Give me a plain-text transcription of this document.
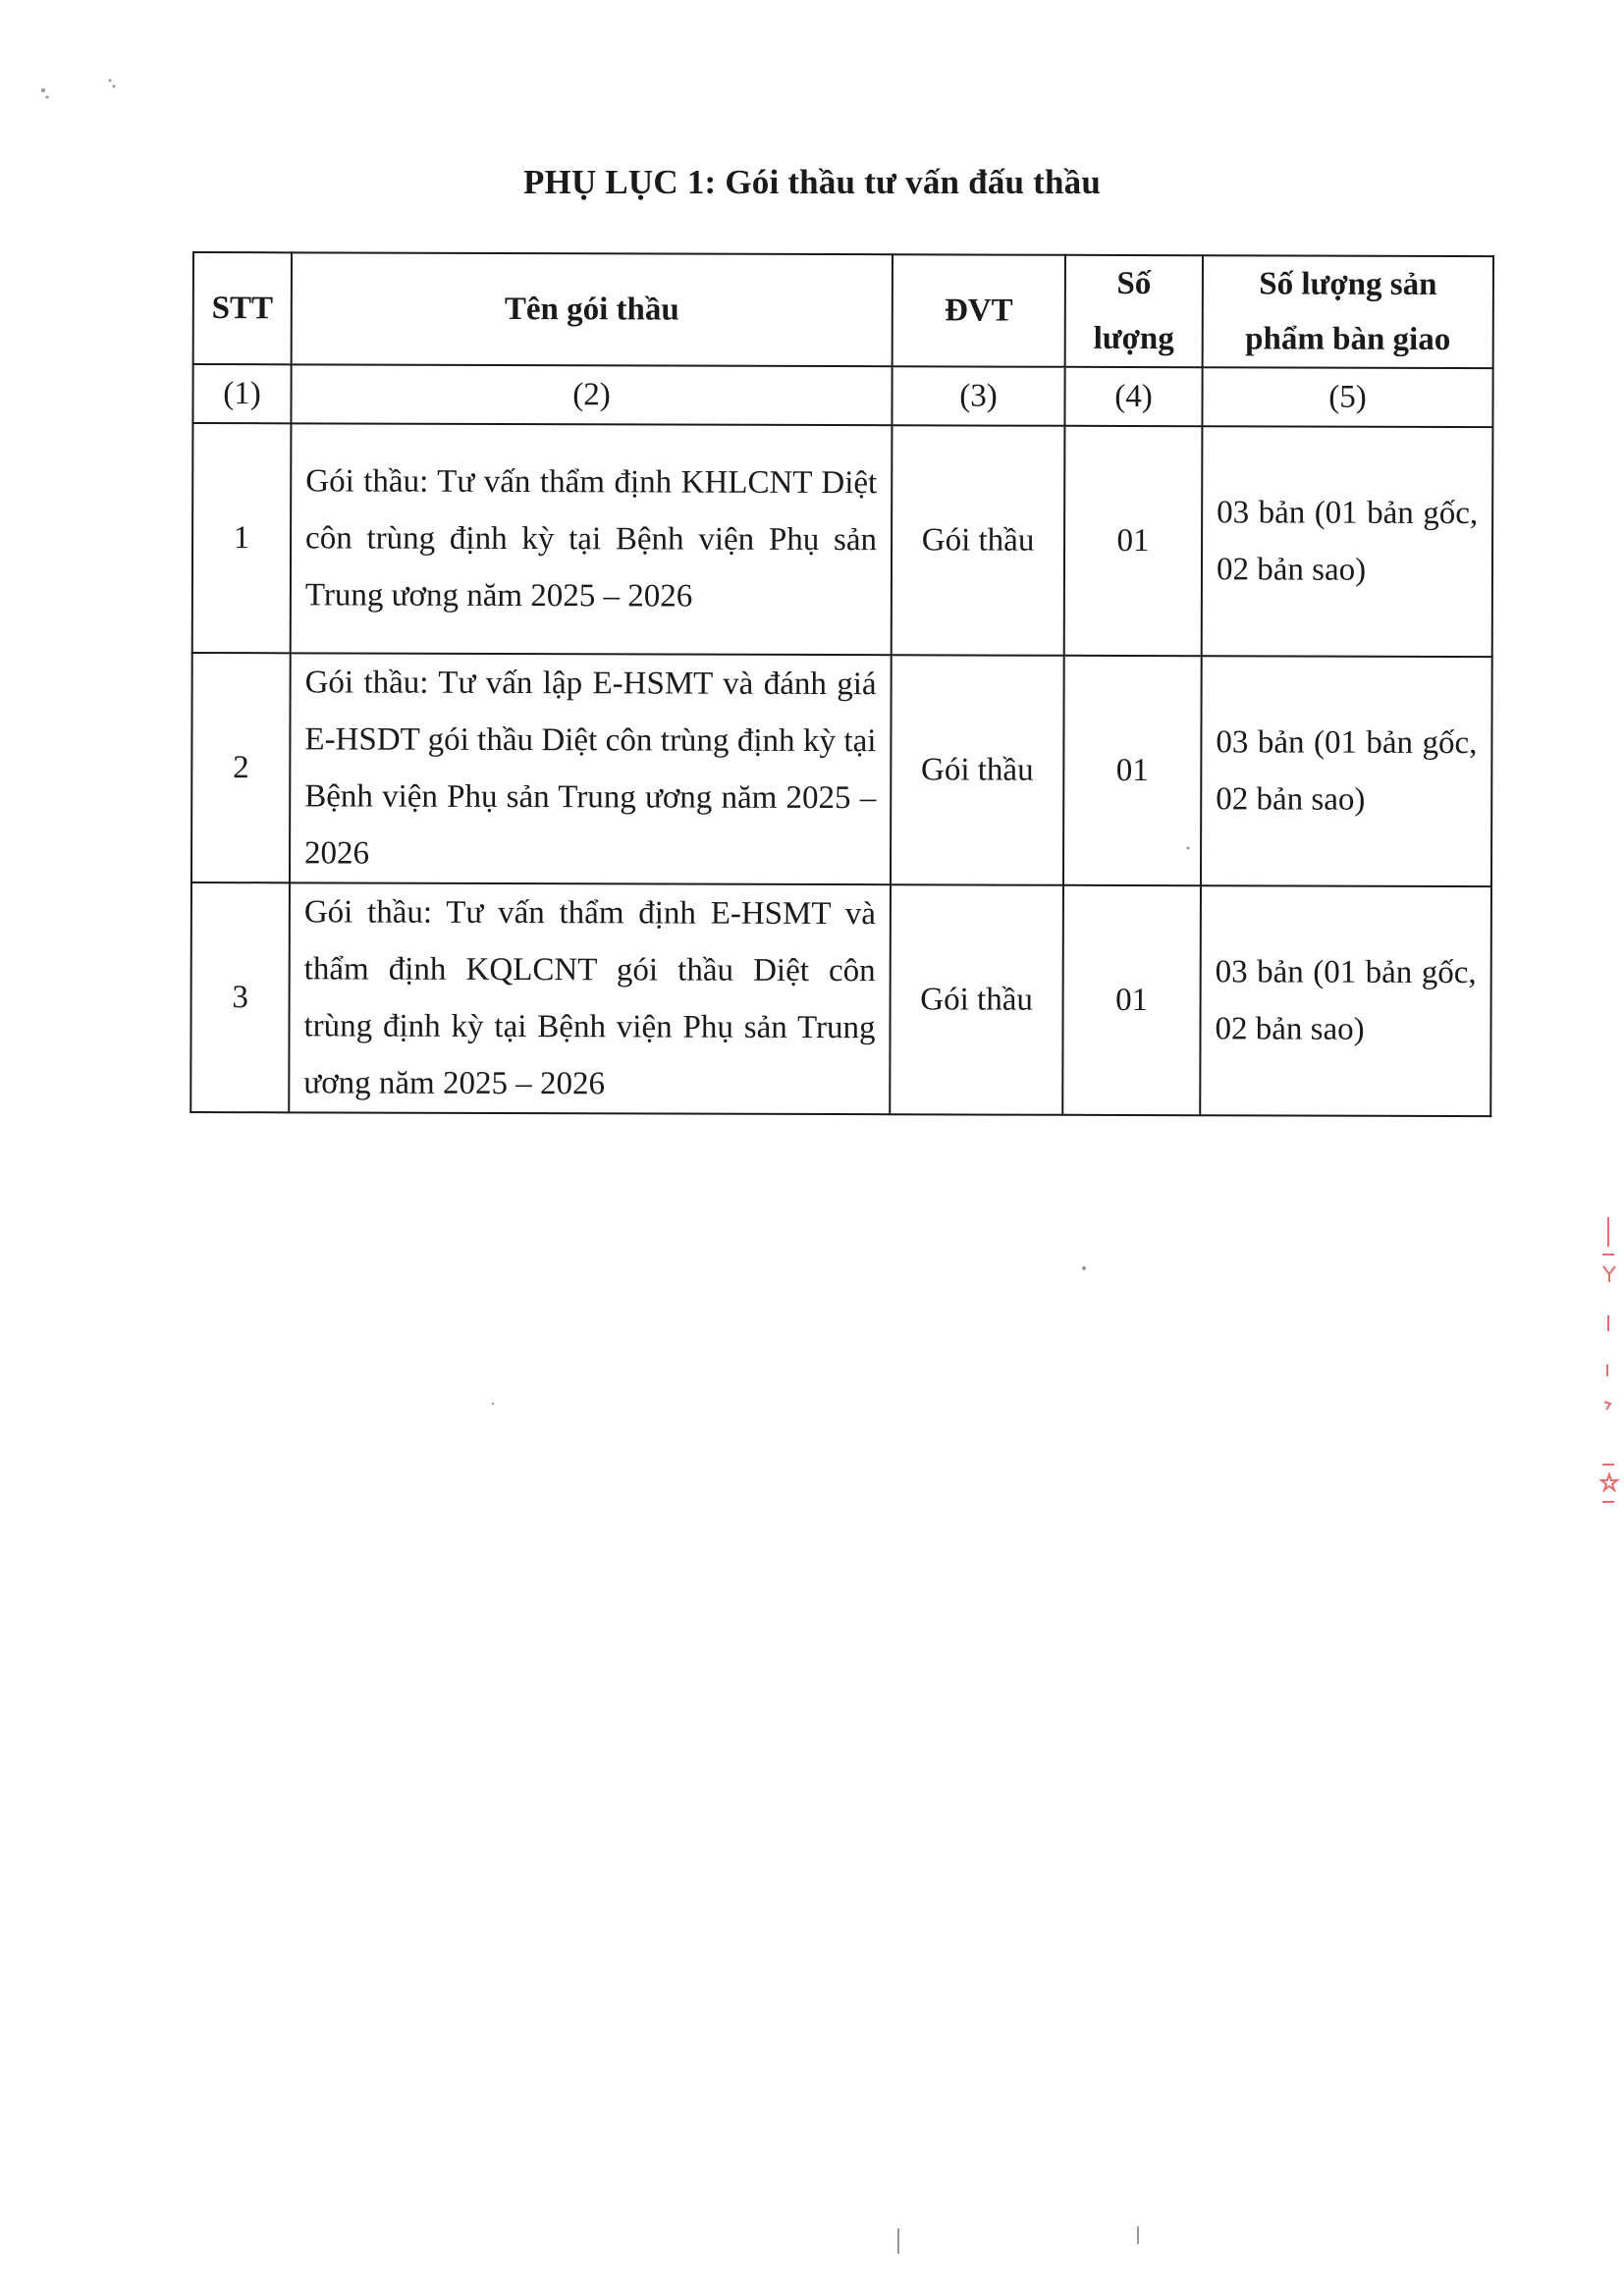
PHỤ LỤC 1: Gói thầu tư vấn đấu thầu
STT	Tên gói thầu	ĐVT	Số lượng	Số lượng sản phẩm bàn giao
(1)	(2)	(3)	(4)	(5)
1	Gói thầu: Tư vấn thẩm định KHLCNT Diệt côn trùng định kỳ tại Bệnh viện Phụ sản Trung ương năm 2025 – 2026	Gói thầu	01	03 bản (01 bản gốc, 02 bản sao)
2	Gói thầu: Tư vấn lập E-HSMT và đánh giá E-HSDT gói thầu Diệt côn trùng định kỳ tại Bệnh viện Phụ sản Trung ương năm 2025 – 2026	Gói thầu	01	03 bản (01 bản gốc, 02 bản sao)
3	Gói thầu: Tư vấn thẩm định E-HSMT và thẩm định KQLCNT gói thầu Diệt côn trùng định kỳ tại Bệnh viện Phụ sản Trung ương năm 2025 – 2026	Gói thầu	01	03 bản (01 bản gốc, 02 bản sao)
